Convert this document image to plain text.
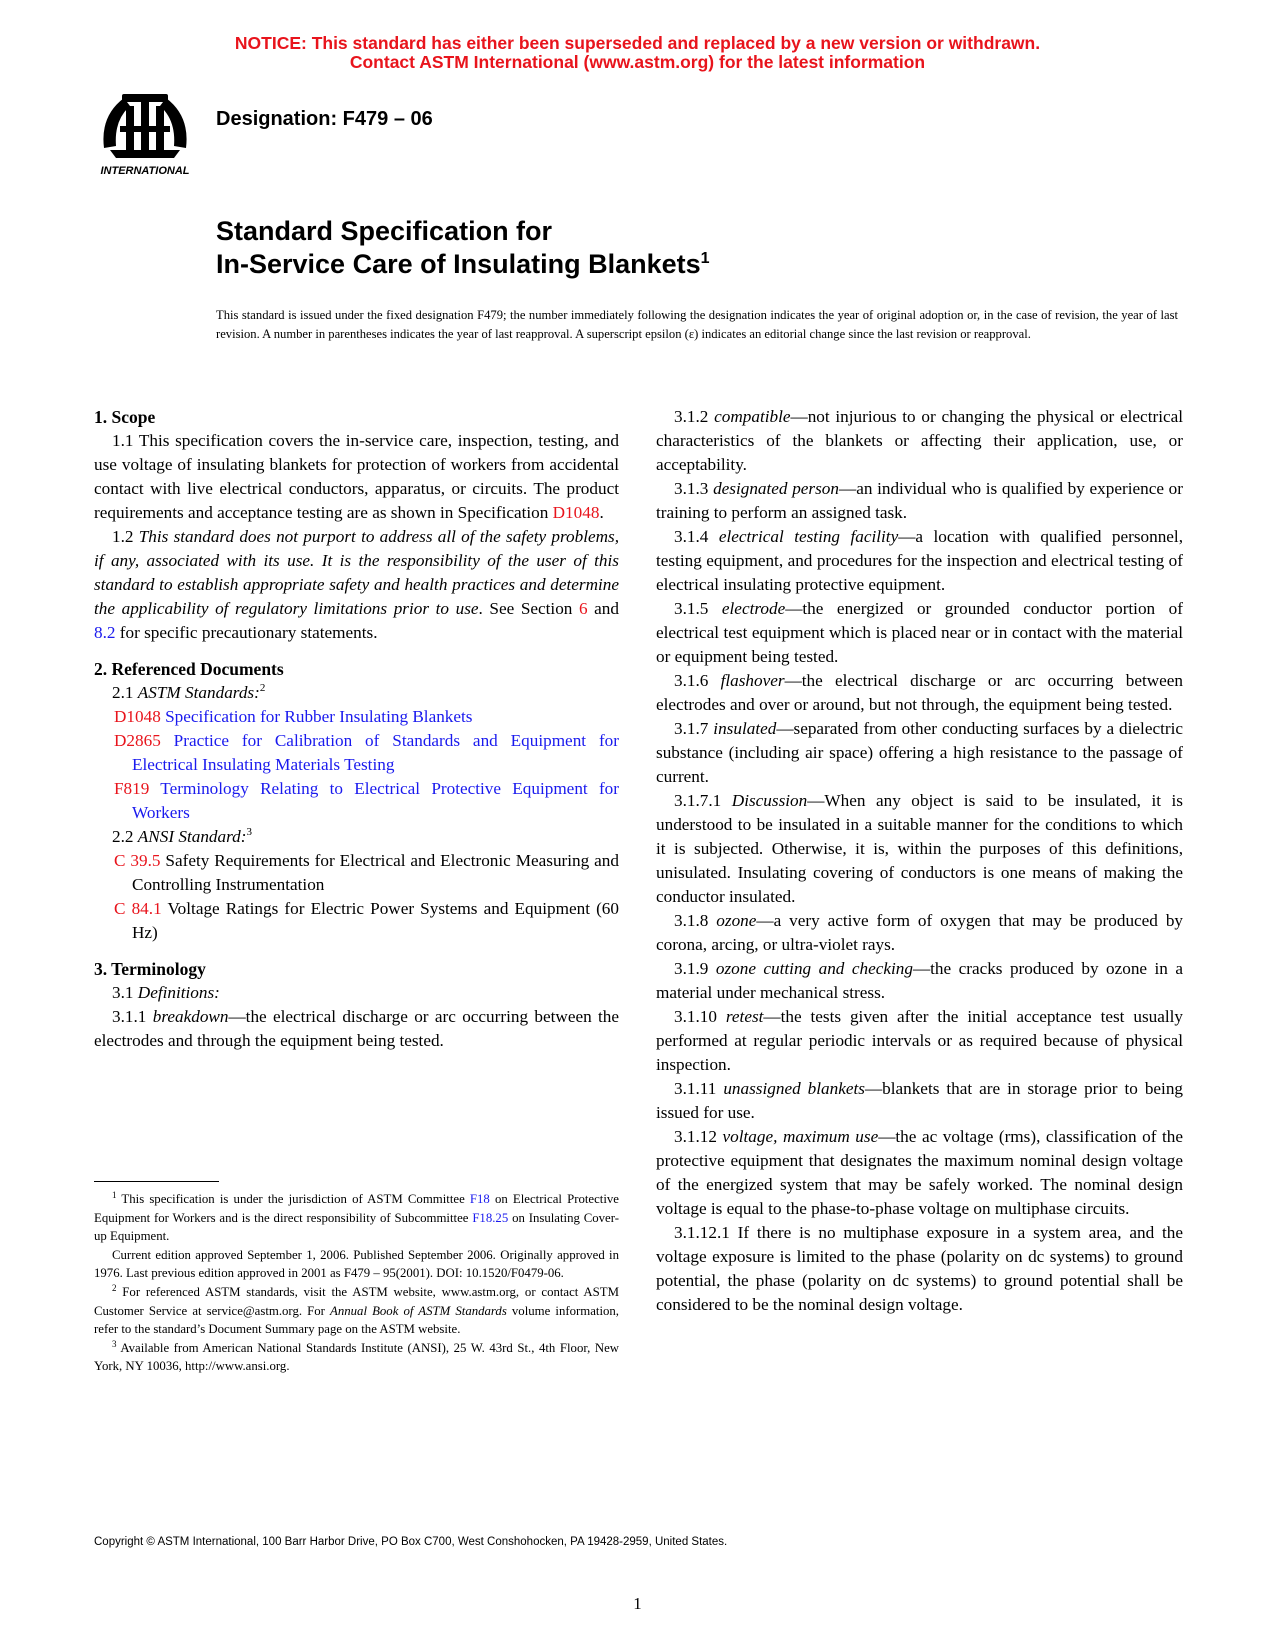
NOTICE: This standard has either been superseded and replaced by a new version or withdrawn.
Contact ASTM International (www.astm.org) for the latest information
INTERNATIONAL
Designation: F479 – 06
Standard Specification for
In-Service Care of Insulating Blankets$^1$
This standard is issued under the fixed designation F479; the number immediately following the designation indicates the year of original adoption or, in the case of revision, the year of last revision. A number in parentheses indicates the year of last reapproval. A superscript epsilon (ε) indicates an editorial change since the last revision or reapproval.
1. Scope

1.1 This specification covers the in-service care, inspection, testing, and use voltage of insulating blankets for protection of workers from accidental contact with live electrical conductors, apparatus, or circuits. The product requirements and acceptance testing are as shown in Specification D1048.

1.2 This standard does not purport to address all of the safety problems, if any, associated with its use. It is the responsibility of the user of this standard to establish appropriate safety and health practices and determine the applicability of regulatory limitations prior to use. See Section 6 and 8.2 for specific precautionary statements.

2. Referenced Documents

2.1 ASTM Standards:$^2$

D1048 Specification for Rubber Insulating Blankets

D2865 Practice for Calibration of Standards and Equipment for Electrical Insulating Materials Testing

F819 Terminology Relating to Electrical Protective Equipment for Workers

2.2 ANSI Standard:$^3$

C 39.5 Safety Requirements for Electrical and Electronic Measuring and Controlling Instrumentation

C 84.1 Voltage Ratings for Electric Power Systems and Equipment (60 Hz)

3. Terminology

3.1 Definitions:

3.1.1 breakdown—the electrical discharge or arc occurring between the electrodes and through the equipment being tested.

3.1.2 compatible—not injurious to or changing the physical or electrical characteristics of the blankets or affecting their application, use, or acceptability.

3.1.3 designated person—an individual who is qualified by experience or training to perform an assigned task.

3.1.4 electrical testing facility—a location with qualified personnel, testing equipment, and procedures for the inspection and electrical testing of electrical insulating protective equipment.

3.1.5 electrode—the energized or grounded conductor portion of electrical test equipment which is placed near or in contact with the material or equipment being tested.

3.1.6 flashover—the electrical discharge or arc occurring between electrodes and over or around, but not through, the equipment being tested.

3.1.7 insulated—separated from other conducting surfaces by a dielectric substance (including air space) offering a high resistance to the passage of current.

3.1.7.1 Discussion—When any object is said to be insulated, it is understood to be insulated in a suitable manner for the conditions to which it is subjected. Otherwise, it is, within the purposes of this definitions, unisulated. Insulating covering of conductors is one means of making the conductor insulated.

3.1.8 ozone—a very active form of oxygen that may be produced by corona, arcing, or ultra-violet rays.

3.1.9 ozone cutting and checking—the cracks produced by ozone in a material under mechanical stress.

3.1.10 retest—the tests given after the initial acceptance test usually performed at regular periodic intervals or as required because of physical inspection.

3.1.11 unassigned blankets—blankets that are in storage prior to being issued for use.

3.1.12 voltage, maximum use—the ac voltage (rms), classification of the protective equipment that designates the maximum nominal design voltage of the energized system that may be safely worked. The nominal design voltage is equal to the phase-to-phase voltage on multiphase circuits.

3.1.12.1 If there is no multiphase exposure in a system area, and the voltage exposure is limited to the phase (polarity on dc systems) to ground potential, the phase (polarity on dc systems) to ground potential shall be considered to be the nominal design voltage.

$^1$ This specification is under the jurisdiction of ASTM Committee F18 on Electrical Protective Equipment for Workers and is the direct responsibility of Subcommittee F18.25 on Insulating Cover-up Equipment.

Current edition approved September 1, 2006. Published September 2006. Originally approved in 1976. Last previous edition approved in 2001 as F479 – 95(2001). DOI: 10.1520/F0479-06.

$^2$ For referenced ASTM standards, visit the ASTM website, www.astm.org, or contact ASTM Customer Service at service@astm.org. For Annual Book of ASTM Standards volume information, refer to the standard’s Document Summary page on the ASTM website.

$^3$ Available from American National Standards Institute (ANSI), 25 W. 43rd St., 4th Floor, New York, NY 10036, http://www.ansi.org.

Copyright © ASTM International, 100 Barr Harbor Drive, PO Box C700, West Conshohocken, PA 19428-2959, United States.
1
